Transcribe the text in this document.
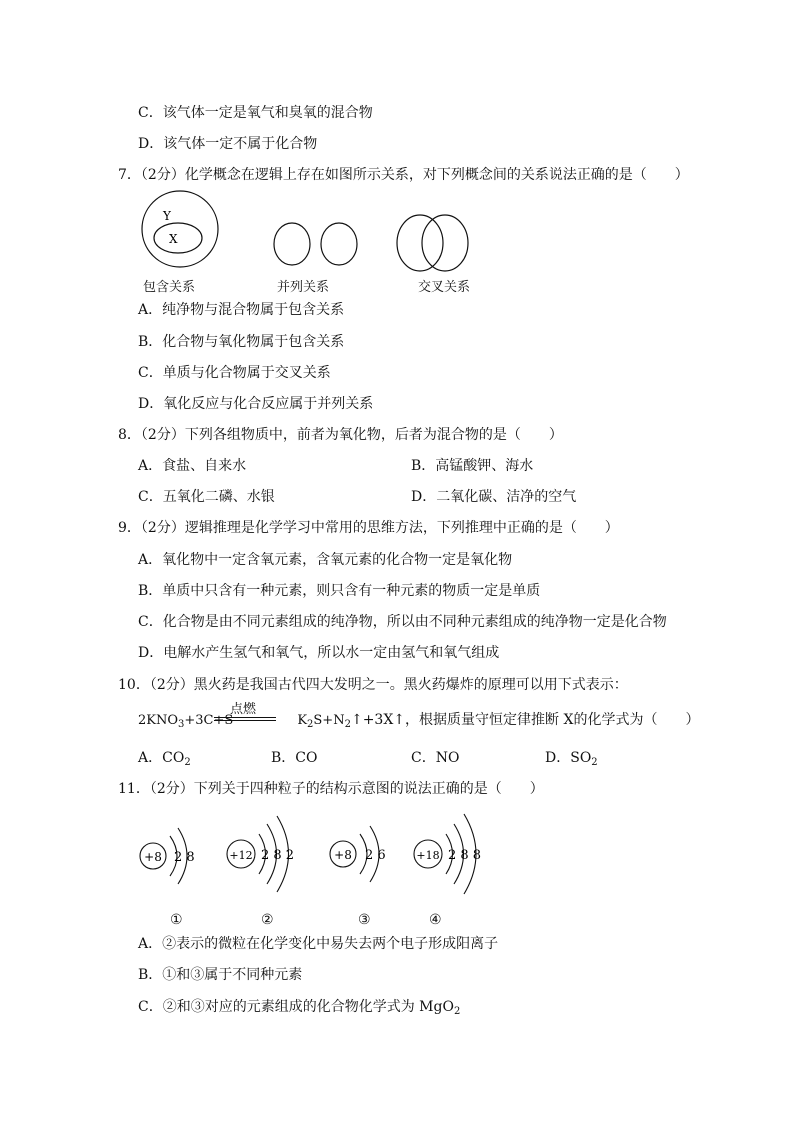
C．该气体一定是氧气和臭氧的混合物
D．该气体一定不属于化合物
7．（2分）化学概念在逻辑上存在如图所示关系，对下列概念间的关系说法正确的是（　　）
Y
X
包含关系	并列关系	交叉关系
A．纯净物与混合物属于包含关系
B．化合物与氧化物属于包含关系
C．单质与化合物属于交叉关系
D．氧化反应与化合反应属于并列关系
8．（2分）下列各组物质中，前者为氧化物，后者为混合物的是（　　）
A．食盐、自来水	B．高锰酸钾、海水
C．五氧化二磷、水银	D．二氧化碳、洁净的空气
9．（2分）逻辑推理是化学学习中常用的思维方法，下列推理中正确的是（　　）
A．氧化物中一定含氧元素，含氧元素的化合物一定是氧化物
B．单质中只含有一种元素，则只含有一种元素的物质一定是单质
C．化合物是由不同元素组成的纯净物，所以由不同种元素组成的纯净物一定是化合物
D．电解水产生氢气和氧气，所以水一定由氢气和氧气组成
10．（2分）黑火药是我国古代四大发明之一。黑火药爆炸的原理可以用下式表示：
点燃
$2KNO_3+3C+S$	$K_2S+N_2↑+3X↑$，根据质量守恒定律推断 X的化学式为（　　）
A．$CO_2$	B．CO	C．NO	D．$SO_2$
11．（2分）下列关于四种粒子的结构示意图的说法正确的是（　　）
+8 2 8	+12 2 8 2	+8 2 6	+18 2 8 8
①	②	③	④
A．②表示的微粒在化学变化中易失去两个电子形成阳离子
B．①和③属于不同种元素
C．②和③对应的元素组成的化合物化学式为 MgO$_2$
